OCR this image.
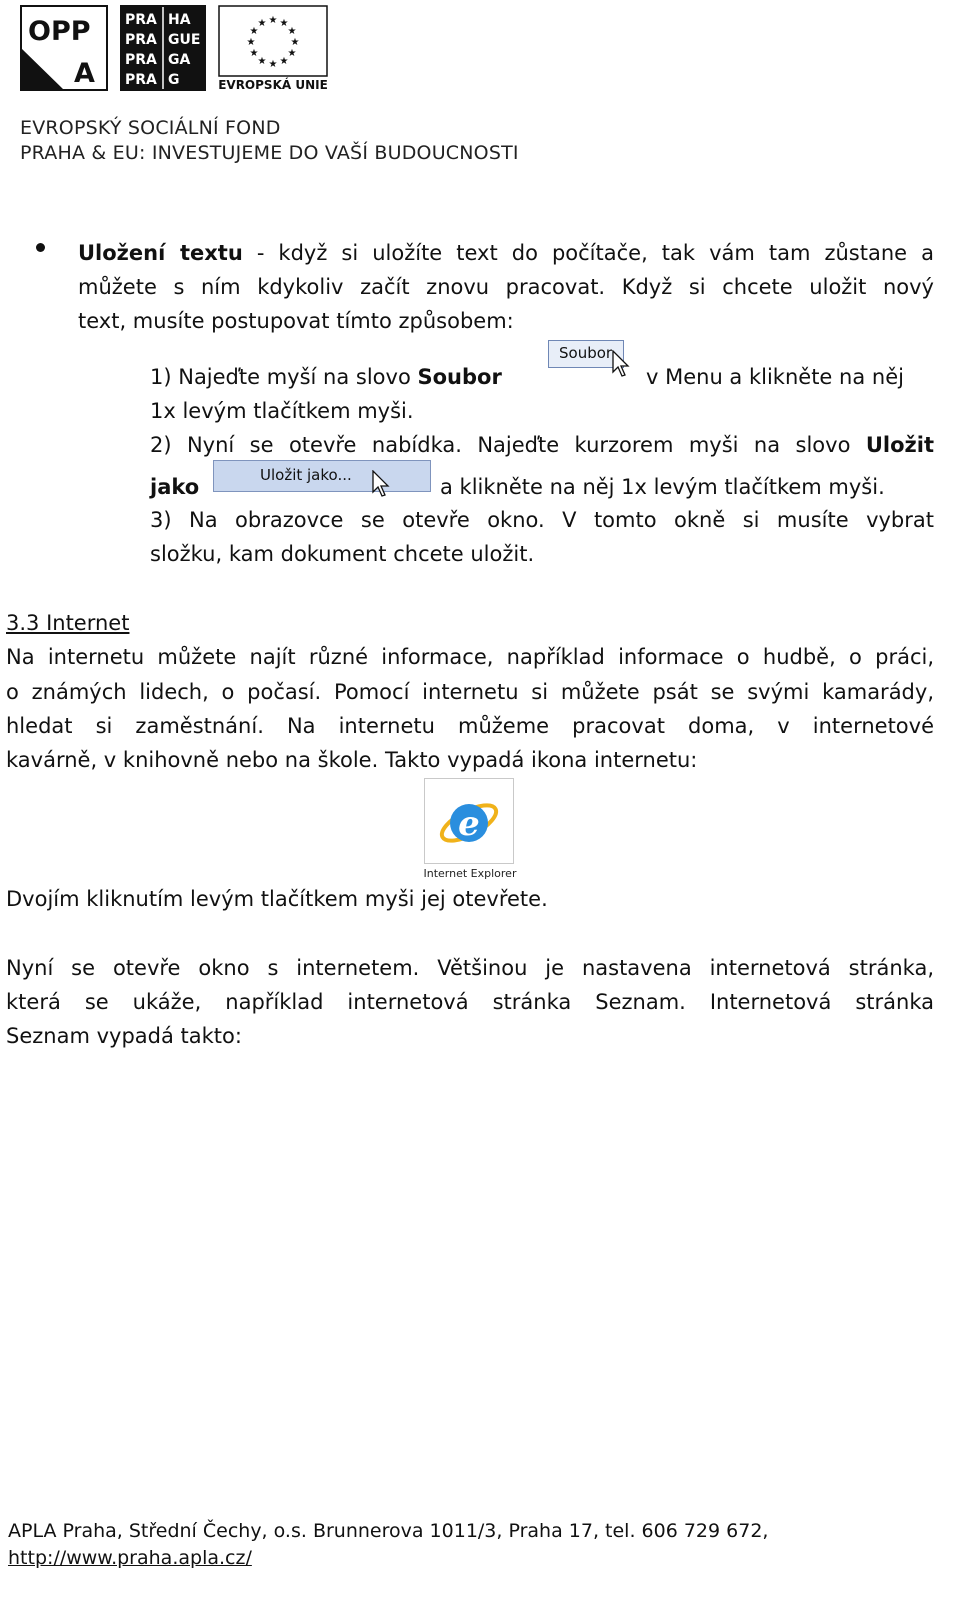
OPP
A
PRA HA
PRA GUE
PRA GA
PRA G
★ ★
★
★
★
★
★
★
★
★
★
★
EVROPSKÁ UNIE
EVROPSKÝ SOCIÁLNÍ FOND
PRAHA & EU: INVESTUJEME DO VAŠÍ BUDOUCNOSTI
Uložení textu - když si uložíte text do počítače, tak vám tam zůstane a
můžete s ním kdykoliv začít znovu pracovat. Když si chcete uložit nový
text, musíte postupovat tímto způsobem:
1) Najeďte myší na slovo Soubor
Soubor
v Menu a klikněte na něj
1x levým tlačítkem myši.
2) Nyní se otevře nabídka. Najeďte kurzorem myši na slovo Uložit
jako	Uložit jako...	a klikněte na něj 1x levým tlačítkem myši.
3) Na obrazovce se otevře okno. V tomto okně si musíte vybrat
složku, kam dokument chcete uložit.
3.3 Internet
Na internetu můžete najít různé informace, například informace o hudbě, o práci,
o známých lidech, o počasí. Pomocí internetu si můžete psát se svými kamarády,
hledat si zaměstnání. Na internetu můžeme pracovat doma, v internetové
kavárně, v knihovně nebo na škole. Takto vypadá ikona internetu:
e
Internet Explorer
Dvojím kliknutím levým tlačítkem myši jej otevřete.
Nyní se otevře okno s internetem. Většinou je nastavena internetová stránka,
která se ukáže, například internetová stránka Seznam. Internetová stránka
Seznam vypadá takto:
APLA Praha, Střední Čechy, o.s. Brunnerova 1011/3, Praha 17, tel. 606 729 672,
http://www.praha.apla.cz/
